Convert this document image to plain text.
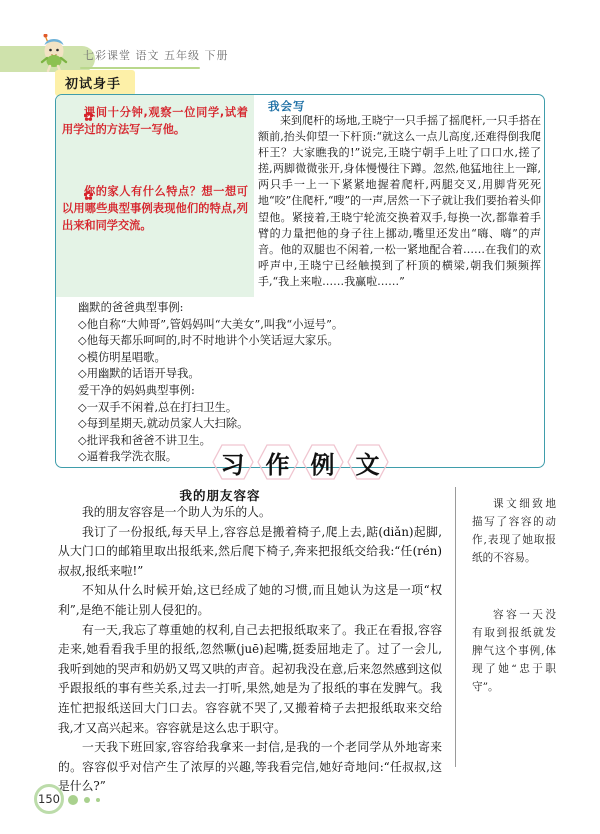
七彩课堂 语文 五年级 下册
初试身手
课间十分钟,观察一位同学,试着用学过的方法写一写他。
你的家人有什么特点？想一想可以用哪些典型事例表现他们的特点,列出来和同学交流。
我会写
来到爬杆的场地,王晓宁一只手摇了摇爬杆,一只手搭在额前,抬头仰望一下杆顶:“就这么一点儿高度,还难得倒我爬杆王？大家瞧我的!”说完,王晓宁朝手上吐了口口水,搓了搓,两脚微微张开,身体慢慢往下蹲。忽然,他猛地往上一蹿,两只手一上一下紧紧地握着爬杆,两腿交叉,用脚背死死地“咬”住爬杆,“嗖”的一声,居然一下子就让我们要抬着头仰望他。紧接着,王晓宁轮流交换着双手,每换一次,都靠着手臂的力量把他的身子往上挪动,嘴里还发出“嗨、嗨”的声音。他的双腿也不闲着,一松一紧地配合着……在我们的欢呼声中,王晓宁已经触摸到了杆顶的横梁,朝我们频频挥手,“我上来啦……我赢啦……”
幽默的爸爸典型事例:
◇他自称“大帅哥”,管妈妈叫“大美女”,叫我“小逗号”。
◇他每天都乐呵呵的,时不时地讲个小笑话逗大家乐。
◇模仿明星唱歌。
◇用幽默的话语开导我。
爱干净的妈妈典型事例:
◇一双手不闲着,总在打扫卫生。
◇每到星期天,就动员家人大扫除。
◇批评我和爸爸不讲卫生。
◇逼着我学洗衣服。	习 作 例 文
我的朋友容容

我的朋友容容是一个助人为乐的人。

我订了一份报纸,每天早上,容容总是搬着椅子,爬上去,踮(diǎn)起脚,从大门口的邮箱里取出报纸来,然后爬下椅子,奔来把报纸交给我:“任(rén)叔叔,报纸来啦!”

不知从什么时候开始,这已经成了她的习惯,而且她认为这是一项“权利”,是绝不能让别人侵犯的。

有一天,我忘了尊重她的权利,自己去把报纸取来了。我正在看报,容容走来,她看看我手里的报纸,忽然噘(juē)起嘴,挺委屈地走了。过了一会儿,我听到她的哭声和奶奶又骂又哄的声音。起初我没在意,后来忽然感到这似乎跟报纸的事有些关系,过去一打听,果然,她是为了报纸的事在发脾气。我连忙把报纸送回大门口去。容容就不哭了,又搬着椅子去把报纸取来交给我,才又高兴起来。容容就是这么忠于职守。

一天我下班回家,容容给我拿来一封信,是我的一个老同学从外地寄来的。容容似乎对信产生了浓厚的兴趣,等我看完信,她好奇地问:“任叔叔,这是什么?”

课文细致地描写了容容的动作,表现了她取报纸的不容易。
容容一天没有取到报纸就发脾气这个事例,体现了她“忠于职守”。
150
